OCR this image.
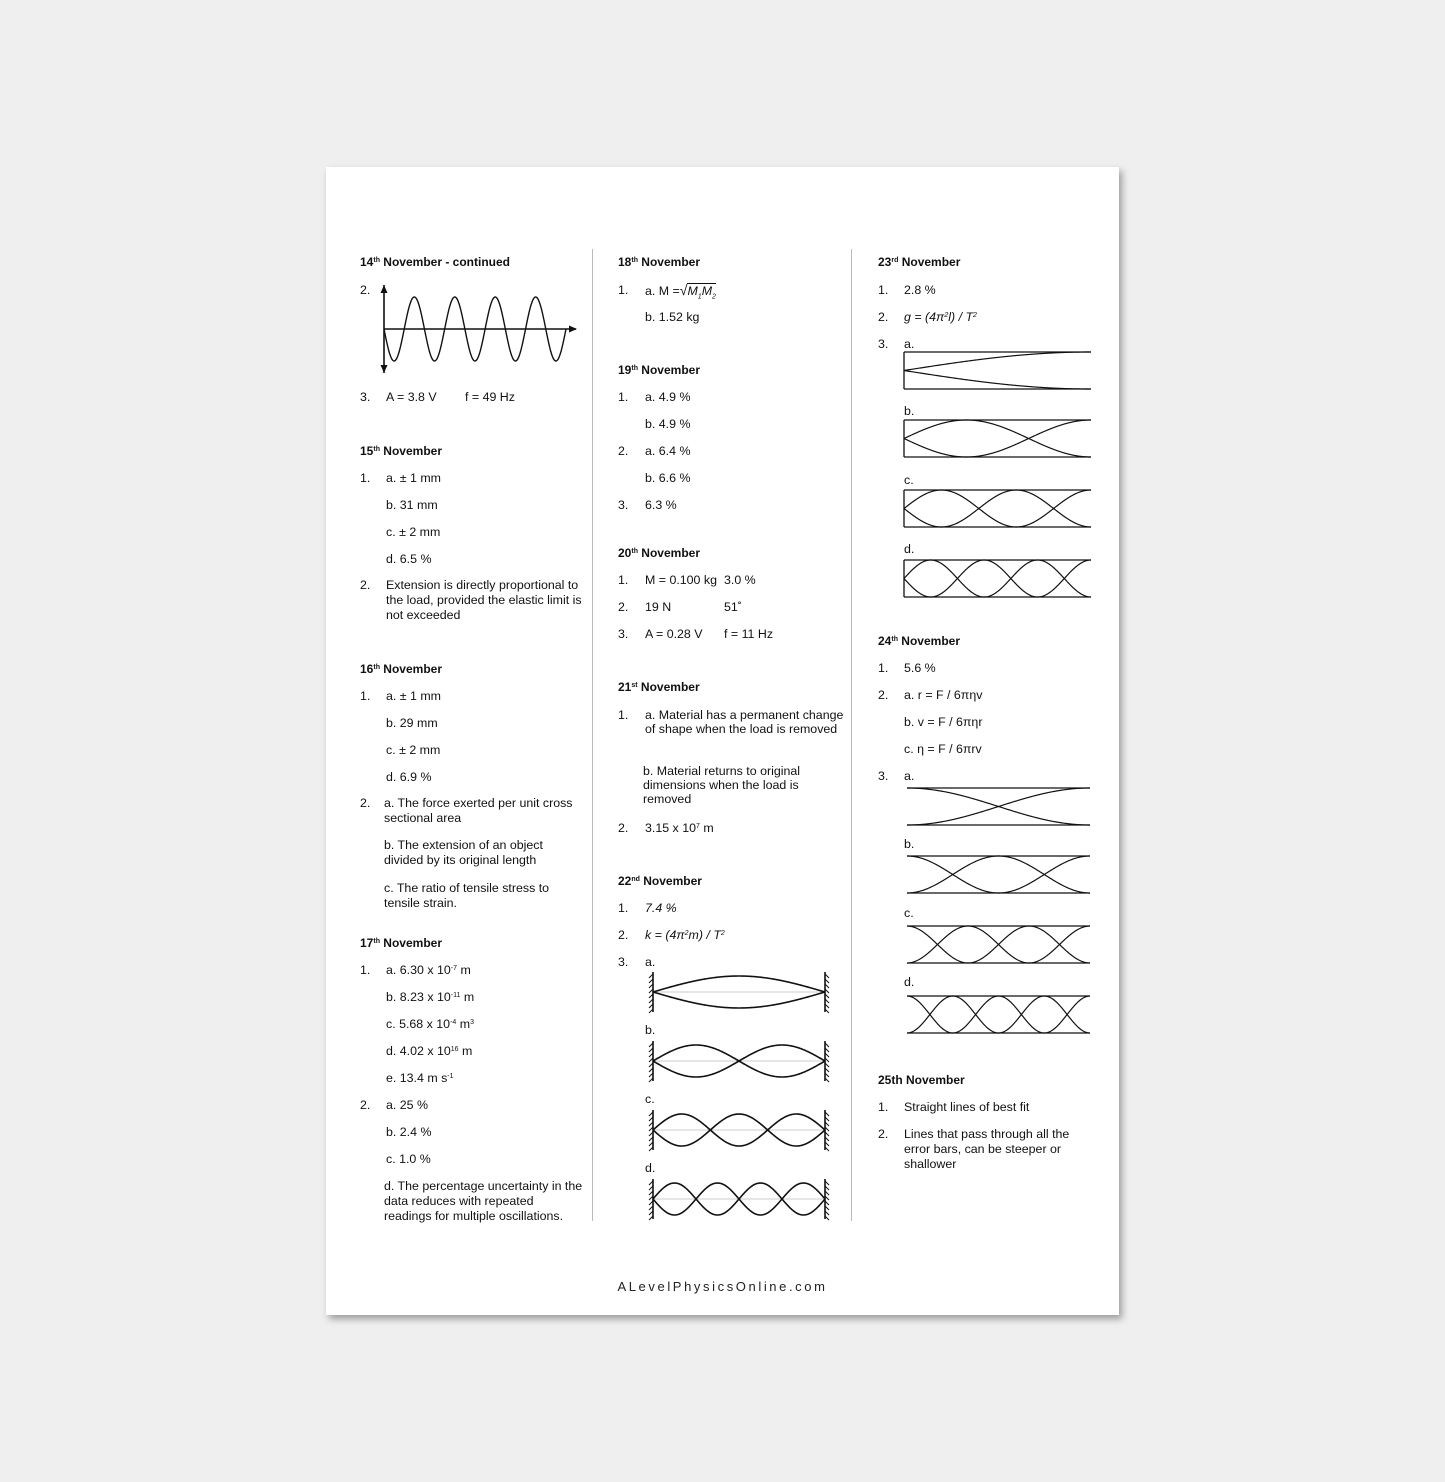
14th November - continued
2.
3. A = 3.8 V f = 49 Hz
15th November
1. a. ± 1 mm
b. 31 mm
c. ± 2 mm
d. 6.5 %
2. Extension is directly proportional to the load, provided the elastic limit is not exceeded
16th November
1. a. ± 1 mm
b. 29 mm
c. ± 2 mm
d. 6.9 %
2. a. The force exerted per unit cross sectional area
b. The extension of an object divided by its original length
c. The ratio of tensile stress to tensile strain.
17th November
1. a. 6.30 x $10^{-7}$ m
b. 8.23 x $10^{-11}$ m
c. 5.68 x $10^{-4}$ $m^3$
d. 4.02 x $10^{16}$ m
e. 13.4 m $s^{-1}$
2. a. 25 %
b. 2.4 %
c. 1.0 %
d. The percentage uncertainty in the data reduces with repeated readings for multiple oscillations.
18th November
1. a. $M =√M_1M_2$
b. 1.52 kg
19th November
1. a. 4.9 %
b. 4.9 %
2. a. 6.4 %
b. 6.6 %
3. 6.3 %
20th November
1. M = 0.100 kg 3.0 %
2. 19 N	51˚
3. A = 0.28 V f = 11 Hz
21st November
1. a. Material has a permanent change of shape when the load is removed
b. Material returns to original dimensions when the load is removed
2. 3.15 x $10^7$ m
22nd November
1. 7.4 %
2. $k = (4\pi^2m) / T^2$
3. a.
b.
c.
d.
23rd November
1. 2.8 %
2. $g = (4\pi^2l) / T^2$
3. a.
b.
c.
d.
24th November
1. 5.6 %
2. a. r = F / 6πηv
b. v = F / 6πηr
c. η = F / 6πrv
3. a.
b.
c.
d.
25th November
1. Straight lines of best fit
2. Lines that pass through all the error bars, can be steeper or shallower
ALevelPhysicsOnline.com
